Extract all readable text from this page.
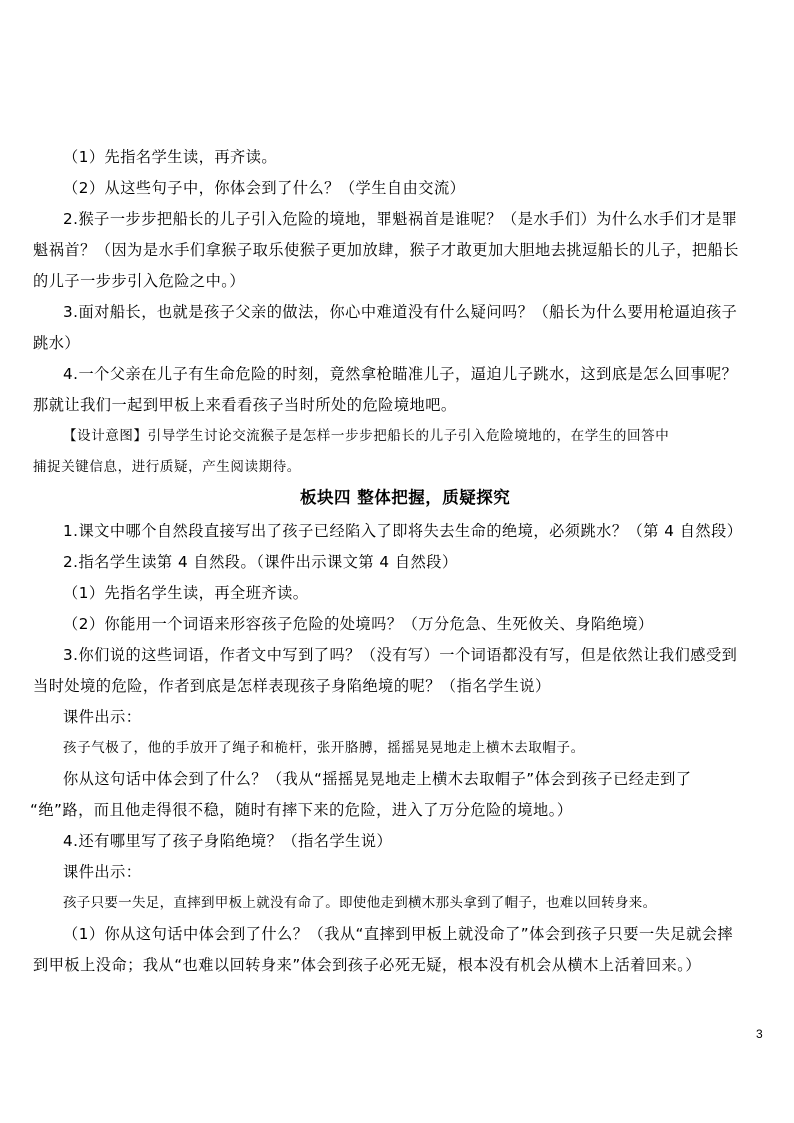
（1）先指名学生读，再齐读。
（2）从这些句子中，你体会到了什么？（学生自由交流）
2.猴子一步步把船长的儿子引入危险的境地，罪魁祸首是谁呢？（是水手们）为什么水手们才是罪
魁祸首？（因为是水手们拿猴子取乐使猴子更加放肆，猴子才敢更加大胆地去挑逗船长的儿子，把船长
的儿子一步步引入危险之中。）
3.面对船长，也就是孩子父亲的做法，你心中难道没有什么疑问吗？（船长为什么要用枪逼迫孩子
跳水）
4.一个父亲在儿子有生命危险的时刻，竟然拿枪瞄准儿子，逼迫儿子跳水，这到底是怎么回事呢？
那就让我们一起到甲板上来看看孩子当时所处的危险境地吧。
【设计意图】引导学生讨论交流猴子是怎样一步步把船长的儿子引入危险境地的，在学生的回答中
捕捉关键信息，进行质疑，产生阅读期待。
板块四 整体把握，质疑探究
1.课文中哪个自然段直接写出了孩子已经陷入了即将失去生命的绝境，必须跳水？（第 4 自然段）
2.指名学生读第 4 自然段。（课件出示课文第 4 自然段）
（1）先指名学生读，再全班齐读。
（2）你能用一个词语来形容孩子危险的处境吗？（万分危急、生死攸关、身陷绝境）
3.你们说的这些词语，作者文中写到了吗？（没有写）一个词语都没有写，但是依然让我们感受到
当时处境的危险，作者到底是怎样表现孩子身陷绝境的呢？（指名学生说）
课件出示：
孩子气极了，他的手放开了绳子和桅杆，张开胳膊，摇摇晃晃地走上横木去取帽子。
你从这句话中体会到了什么？（我从“摇摇晃晃地走上横木去取帽子”体会到孩子已经走到了
“绝”路，而且他走得很不稳，随时有摔下来的危险，进入了万分危险的境地。）
4.还有哪里写了孩子身陷绝境？（指名学生说）
课件出示：
孩子只要一失足，直摔到甲板上就没有命了。即使他走到横木那头拿到了帽子，也难以回转身来。
（1）你从这句话中体会到了什么？（我从“直摔到甲板上就没命了”体会到孩子只要一失足就会摔
到甲板上没命；我从“也难以回转身来”体会到孩子必死无疑，根本没有机会从横木上活着回来。）
3
